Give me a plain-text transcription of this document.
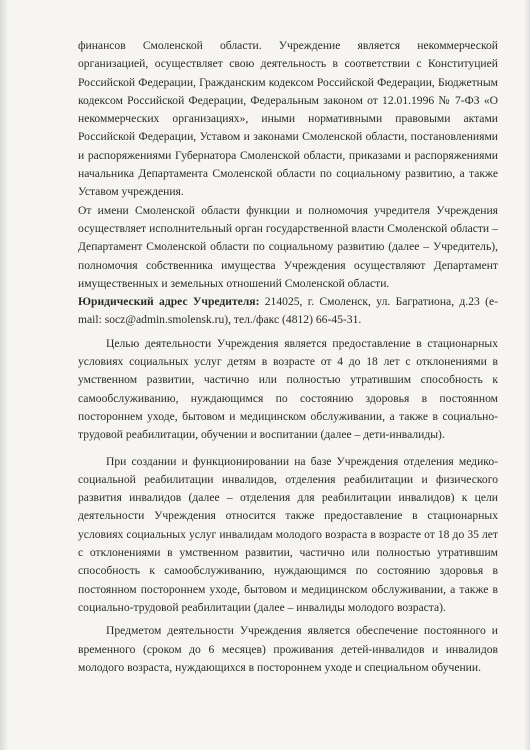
финансов Смоленской области. Учреждение является некоммерческой организацией, осуществляет свою деятельность в соответствии с Конституцией Российской Федерации, Гражданским кодексом Российской Федерации, Бюджетным кодексом Российской Федерации, Федеральным законом от 12.01.1996 № 7-ФЗ «О некоммерческих организациях», иными нормативными правовыми актами Российской Федерации, Уставом и законами Смоленской области, постановлениями и распоряжениями Губернатора Смоленской области, приказами и распоряжениями начальника Департамента Смоленской области по социальному развитию, а также Уставом учреждения.

От имени Смоленской области функции и полномочия учредителя Учреждения осуществляет исполнительный орган государственной власти Смоленской области – Департамент Смоленской области по социальному развитию (далее – Учредитель), полномочия собственника имущества Учреждения осуществляют Департамент имущественных и земельных отношений Смоленской области.

Юридический адрес Учредителя: 214025, г. Смоленск, ул. Багратиона, д.23 (e-mail: socz@admin.smolensk.ru), тел./факс (4812) 66-45-31.

Целью деятельности Учреждения является предоставление в стационарных условиях социальных услуг детям в возрасте от 4 до 18 лет с отклонениями в умственном развитии, частично или полностью утратившим способность к самообслуживанию, нуждающимся по состоянию здоровья в постоянном постороннем уходе, бытовом и медицинском обслуживании, а также в социально-трудовой реабилитации, обучении и воспитании (далее – дети-инвалиды).

При создании и функционировании на базе Учреждения отделения медико-социальной реабилитации инвалидов, отделения реабилитации и физического развития инвалидов (далее – отделения для реабилитации инвалидов) к цели деятельности Учреждения относится также предоставление в стационарных условиях социальных услуг инвалидам молодого возраста в возрасте от 18 до 35 лет с отклонениями в умственном развитии, частично или полностью утратившим способность к самообслуживанию, нуждающимся по состоянию здоровья в постоянном постороннем уходе, бытовом и медицинском обслуживании, а также в социально-трудовой реабилитации (далее – инвалиды молодого возраста).

Предметом деятельности Учреждения является обеспечение постоянного и временного (сроком до 6 месяцев) проживания детей-инвалидов и инвалидов молодого возраста, нуждающихся в постороннем уходе и специальном обучении.
